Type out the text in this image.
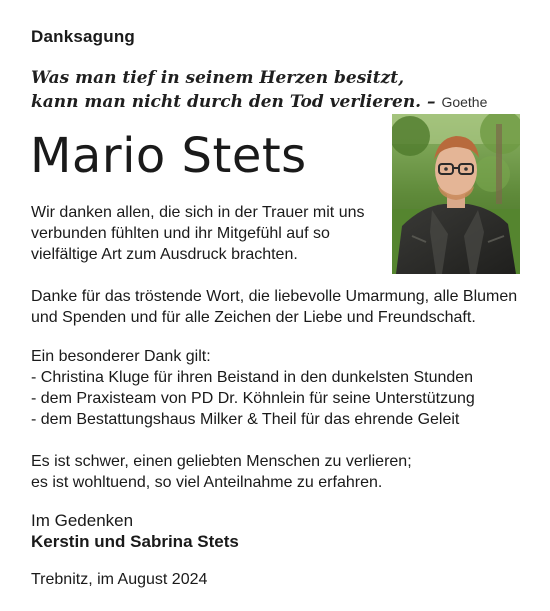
Danksagung
Was man tief in seinem Herzen besitzt,
kann man nicht durch den Tod verlieren. – Goethe
Mario Stets
Wir danken allen, die sich in der Trauer mit uns
verbunden fühlten und ihr Mitgefühl auf so
vielfältige Art zum Ausdruck brachten.
Danke für das tröstende Wort, die liebevolle Umarmung, alle Blumen
und Spenden und für alle Zeichen der Liebe und Freundschaft.
Ein besonderer Dank gilt:
- Christina Kluge für ihren Beistand in den dunkelsten Stunden
- dem Praxisteam von PD Dr. Köhnlein für seine Unterstützung
- dem Bestattungshaus Milker & Theil für das ehrende Geleit
Es ist schwer, einen geliebten Menschen zu verlieren;
es ist wohltuend, so viel Anteilnahme zu erfahren.
Im Gedenken
Kerstin und Sabrina Stets
Trebnitz, im August 2024
